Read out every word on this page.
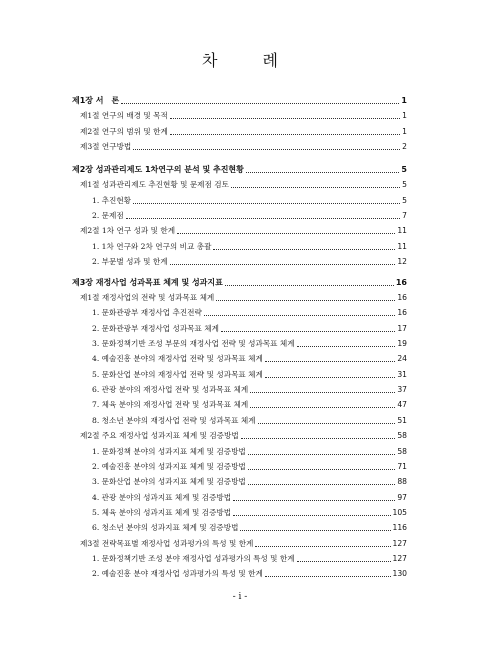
차 례
제1장 서　론	1
제1절 연구의 배경 및 목적	1
제2절 연구의 범위 및 한계	1
제3절 연구방법	2
제2장 성과관리제도 1차연구의 분석 및 추진현황	5
제1절 성과관리제도 추진현황 및 문제점 검토	5
1. 추진현황	5
2. 문제점	7
제2절 1차 연구 성과 및 한계	11
1. 1차 연구와 2차 연구의 비교 총괄	11
2. 부문별 성과 및 한계	12
제3장 재정사업 성과목표 체계 및 성과지표	16
제1절 재정사업의 전략 및 성과목표 체계	16
1. 문화관광부 재정사업 추진전략	16
2. 문화관광부 재정사업 성과목표 체계	17
3. 문화정책기반 조성 부문의 재정사업 전략 및 성과목표 체계	19
4. 예술진흥 분야의 재정사업 전략 및 성과목표 체계	24
5. 문화산업 분야의 재정사업 전략 및 성과목표 체계	31
6. 관광 분야의 재정사업 전략 및 성과목표 체계	37
7. 체육 분야의 재정사업 전략 및 성과목표 체계	47
8. 청소년 분야의 재정사업 전략 및 성과목표 체계	51
제2절 주요 재정사업 성과지표 체계 및 검증방법	58
1. 문화정책 분야의 성과지표 체계 및 검증방법	58
2. 예술진흥 분야의 성과지표 체계 및 검증방법	71
3. 문화산업 분야의 성과지표 체계 및 검증방법	88
4. 관광 분야의 성과지표 체계 및 검증방법	97
5. 체육 분야의 성과지표 체계 및 검증방법	105
6. 청소년 분야의 성과지표 체계 및 검증방법	116
제3절 전략목표별 재정사업 성과평가의 특성 및 한계	127
1. 문화정책기반 조성 분야 재정사업 성과평가의 특성 및 한계	127
2. 예술진흥 분야 재정사업 성과평가의 특성 및 한계	130
- i -
